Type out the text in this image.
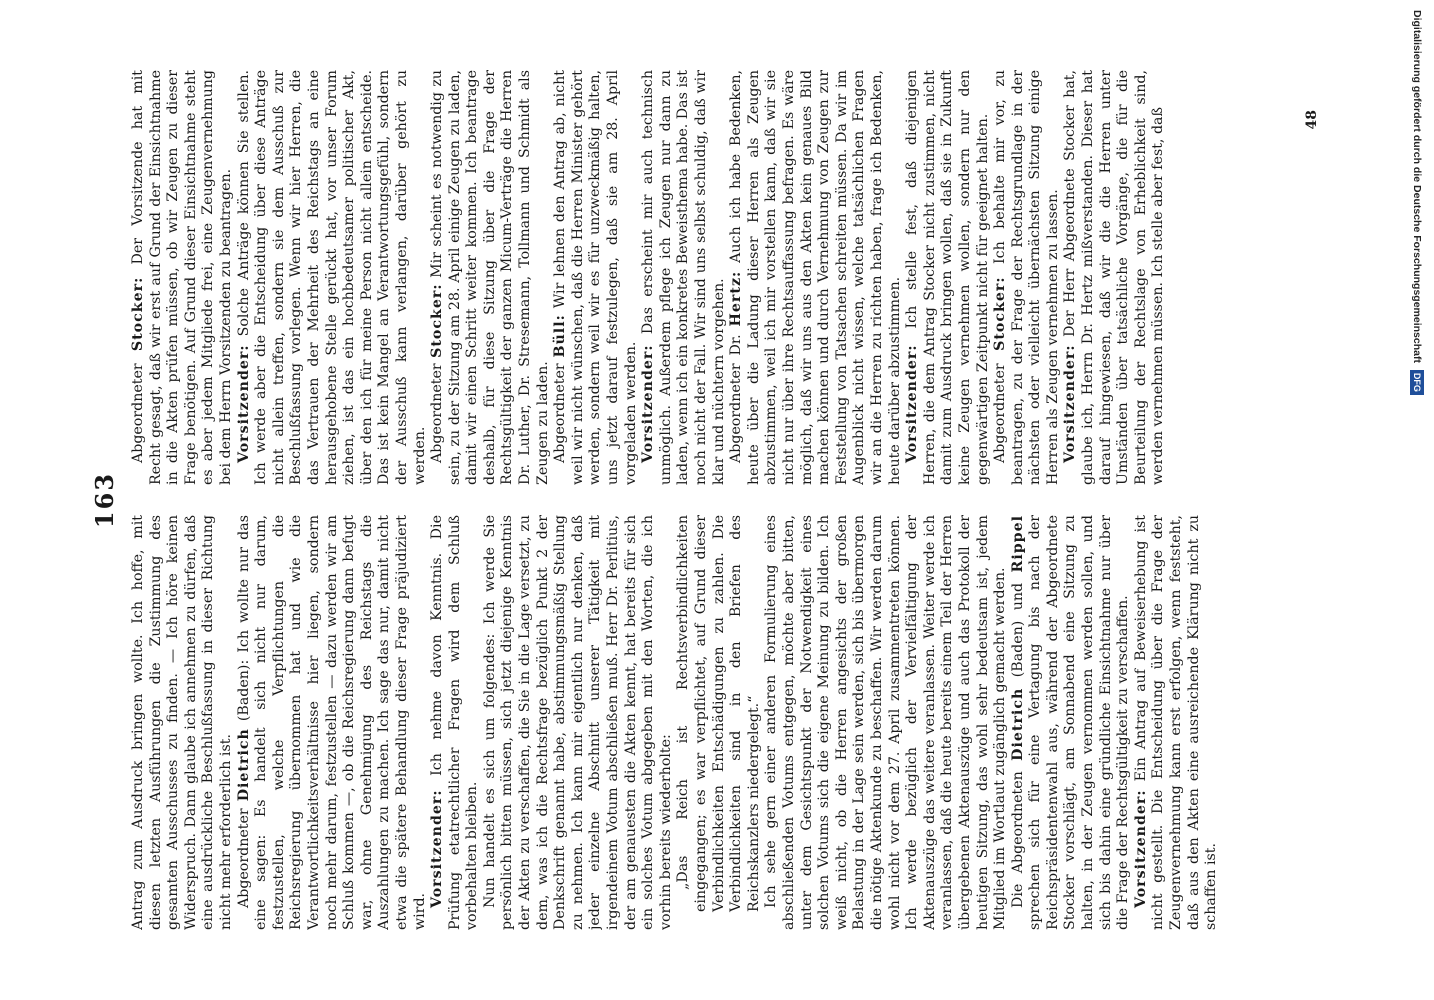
163

Antrag zum Ausdruck bringen wollte. Ich hoffe, mit diesen letzten Ausführungen die Zustimmung des gesamten Ausschusses zu finden. — Ich höre keinen Widerspruch. Dann glaube ich annehmen zu dürfen, daß eine ausdrückliche Beschlußfassung in dieser Richtung nicht mehr erforderlich ist. Abgeordneter Dietrich (Baden): Ich wollte nur das eine sagen: Es handelt sich nicht nur darum, festzustellen, welche Verpflichtungen die Reichsregierung übernommen hat und wie die Verantwortlichkeitsverhältnisse hier liegen, sondern noch mehr darum, festzustellen — dazu werden wir am Schluß kommen —, ob die Reichsregierung dann befugt war, ohne Genehmigung des Reichstags die Auszahlungen zu machen. Ich sage das nur, damit nicht etwa die spätere Behandlung dieser Frage präjudiziert wird.

Vorsitzender: Ich nehme davon Kenntnis. Die Prüfung etatrechtlicher Fragen wird dem Schluß vorbehalten bleiben. Nun handelt es sich um folgendes: Ich werde Sie persönlich bitten müssen, sich jetzt diejenige Kenntnis der Akten zu verschaffen, die Sie in die Lage versetzt, zu dem, was ich die Rechtsfrage bezüglich Punkt 2 der Denkschrift genannt habe, abstimmungsmäßig Stellung zu nehmen. Ich kann mir eigentlich nur denken, daß jeder einzelne Abschnitt unserer Tätigkeit mit irgendeinem Votum abschließen muß. Herr Dr. Perlitius, der am genauesten die Akten kennt, hat bereits für sich ein solches Votum abgegeben mit den Worten, die ich vorhin bereits wiederholte: „Das Reich ist Rechtsverbindlichkeiten eingegangen; es war verpflichtet, auf Grund dieser Verbindlichkeiten Entschädigungen zu zahlen. Die Verbindlichkeiten sind in den Briefen des Reichskanzlers niedergelegt.“ Ich sehe gern einer anderen Formulierung eines abschließenden Votums entgegen, möchte aber bitten, unter dem Gesichtspunkt der Notwendigkeit eines solchen Votums sich die eigene Meinung zu bilden. Ich weiß nicht, ob die Herren angesichts der großen Belastung in der Lage sein werden, sich bis übermorgen die nötige Aktenkunde zu beschaffen. Wir werden darum wohl nicht vor dem 27. April zusammentreten können. Ich werde bezüglich der Vervielfältigung der Aktenauszüge das weitere veranlassen. Weiter werde ich veranlassen, daß die heute bereits einem Teil der Herren übergebenen Aktenauszüge und auch das Protokoll der heutigen Sitzung, das wohl sehr bedeutsam ist, jedem Mitglied im Wortlaut zugänglich gemacht werden. Die Abgeordneten Dietrich (Baden) und Rippel sprechen sich für eine Vertagung bis nach der Reichspräsidentenwahl aus, während der Abgeordnete Stocker vorschlägt, am Sonnabend eine Sitzung zu halten, in der Zeugen vernommen werden sollen, und sich bis dahin eine gründliche Einsichtnahme nur über die Frage der Rechtsgültigkeit zu verschaffen. Vorsitzender: Ein Antrag auf Beweiserhebung ist nicht gestellt. Die Entscheidung über die Frage der Zeugenvernehmung kann erst erfolgen, wenn feststeht, daß aus den Akten eine ausreichende Klärung nicht zu schaffen ist.

Abgeordneter Stocker: Der Vorsitzende hat mit Recht gesagt, daß wir erst auf Grund der Einsichtnahme in die Akten prüfen müssen, ob wir Zeugen zu dieser Frage benötigen. Auf Grund dieser Einsichtnahme steht es aber jedem Mitgliede frei, eine Zeugenvernehmung bei dem Herrn Vorsitzenden zu beantragen. Vorsitzender: Solche Anträge können Sie stellen. Ich werde aber die Entscheidung über diese Anträge nicht allein treffen, sondern sie dem Ausschuß zur Beschlußfassung vorlegen. Wenn wir hier Herren, die das Vertrauen der Mehrheit des Reichstags an eine herausgehobene Stelle gerückt hat, vor unser Forum ziehen, ist das ein hochbedeutsamer politischer Akt, über den ich für meine Person nicht allein entscheide. Das ist kein Mangel an Verantwortungsgefühl, sondern der Ausschuß kann verlangen, darüber gehört zu werden. Abgeordneter Stocker: Mir scheint es notwendig zu sein, zu der Sitzung am 28. April einige Zeugen zu laden, damit wir einen Schritt weiter kommen. Ich beantrage deshalb, für diese Sitzung über die Frage der Rechtsgültigkeit der ganzen Micum-Verträge die Herren Dr. Luther, Dr. Stresemann, Tollmann und Schmidt als Zeugen zu laden. Abgeordneter Büll: Wir lehnen den Antrag ab, nicht weil wir nicht wünschen, daß die Herren Minister gehört werden, sondern weil wir es für unzweckmäßig halten, uns jetzt darauf festzulegen, daß sie am 28. April vorgeladen werden. Vorsitzender: Das erscheint mir auch technisch unmöglich. Außerdem pflege ich Zeugen nur dann zu laden, wenn ich ein konkretes Beweisthema habe. Das ist noch nicht der Fall. Wir sind uns selbst schuldig, daß wir klar und nüchtern vorgehen. Abgeordneter Dr. Hertz: Auch ich habe Bedenken, heute über die Ladung dieser Herren als Zeugen abzustimmen, weil ich mir vorstellen kann, daß wir sie nicht nur über ihre Rechtsauffassung befragen. Es wäre möglich, daß wir uns aus den Akten kein genaues Bild machen können und durch Vernehmung von Zeugen zur Feststellung von Tatsachen schreiten müssen. Da wir im Augenblick nicht wissen, welche tatsächlichen Fragen wir an die Herren zu richten haben, frage ich Bedenken, heute darüber abzustimmen. Vorsitzender: Ich stelle fest, daß diejenigen Herren, die dem Antrag Stocker nicht zustimmen, nicht damit zum Ausdruck bringen wollen, daß sie in Zukunft keine Zeugen vernehmen wollen, sondern nur den gegenwärtigen Zeitpunkt nicht für geeignet halten. Abgeordneter Stocker: Ich behalte mir vor, zu beantragen, zu der Frage der Rechtsgrundlage in der nächsten oder vielleicht übernächsten Sitzung einige Herren als Zeugen vernehmen zu lassen. Vorsitzender: Der Herr Abgeordnete Stocker hat, glaube ich, Herrn Dr. Hertz mißverstanden. Dieser hat darauf hingewiesen, daß wir die die Herren unter Umständen über tatsächliche Vorgänge, die für die Beurteilung der Rechtslage von Erheblichkeit sind, werden vernehmen müssen. Ich stelle aber fest, daß	48	Digitalisierung gefördert durch die Deutsche Forschungsgemeinschaft DFG
